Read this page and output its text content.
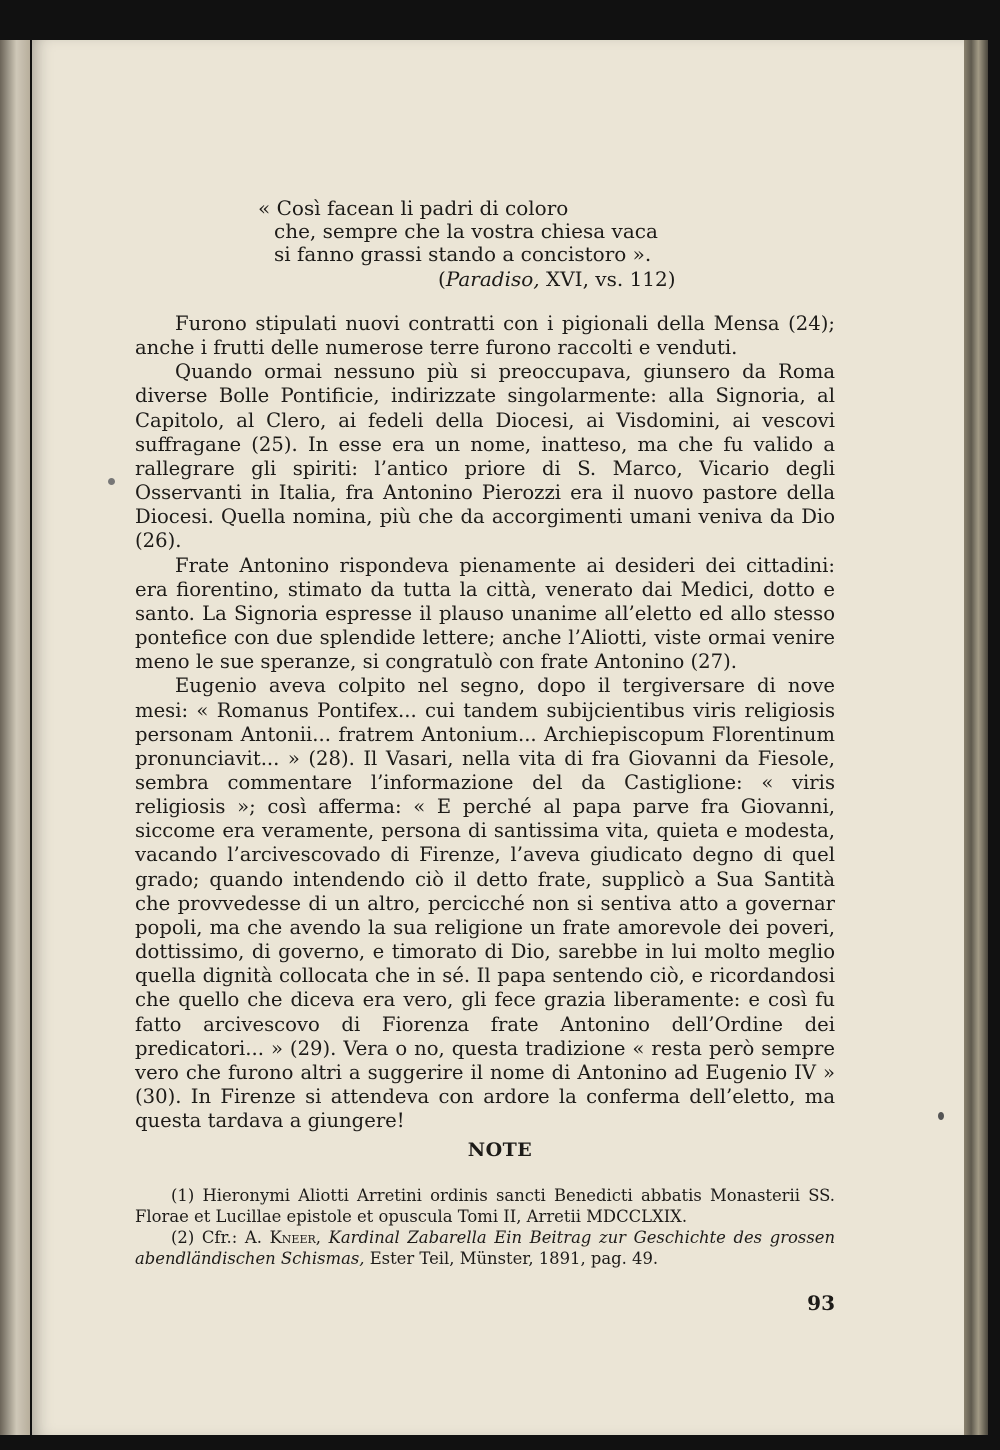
« Così facean li padri di coloro
che, sempre che la vostra chiesa vaca
si fanno grassi stando a concistoro ».
(Paradiso, XVI, vs. 112)

Furono stipulati nuovi contratti con i pigionali della Mensa (24); anche i frutti delle numerose terre furono raccolti e venduti.

Quando ormai nessuno più si preoccupava, giunsero da Roma diverse Bolle Pontificie, indirizzate singolarmente: alla Signoria, al Capitolo, al Clero, ai fedeli della Diocesi, ai Visdomini, ai vescovi suffragane (25). In esse era un nome, inatteso, ma che fu valido a rallegrare gli spiriti: l’antico priore di S. Marco, Vicario degli Osservanti in Italia, fra Antonino Pierozzi era il nuovo pastore della Diocesi. Quella nomina, più che da accorgimenti umani veniva da Dio (26).

Frate Antonino rispondeva pienamente ai desideri dei cittadini: era fiorentino, stimato da tutta la città, venerato dai Medici, dotto e santo. La Signoria espresse il plauso unanime all’eletto ed allo stesso pontefice con due splendide lettere; anche l’Aliotti, viste ormai venire meno le sue speranze, si congratulò con frate Antonino (27).

Eugenio aveva colpito nel segno, dopo il tergiversare di nove mesi: « Romanus Pontifex... cui tandem subijcientibus viris religiosis personam Antonii... fratrem Antonium... Archiepiscopum Florentinum pronunciavit... » (28). Il Vasari, nella vita di fra Giovanni da Fiesole, sembra commentare l’informazione del da Castiglione: « viris religiosis »; così afferma: « E perché al papa parve fra Giovanni, siccome era veramente, persona di santissima vita, quieta e modesta, vacando l’arcivescovado di Firenze, l’aveva giudicato degno di quel grado; quando intendendo ciò il detto frate, supplicò a Sua Santità che provvedesse di un altro, percicché non si sentiva atto a governar popoli, ma che avendo la sua religione un frate amorevole dei poveri, dottissimo, di governo, e timorato di Dio, sarebbe in lui molto meglio quella dignità collocata che in sé. Il papa sentendo ciò, e ricordandosi che quello che diceva era vero, gli fece grazia liberamente: e così fu fatto arcivescovo di Fiorenza frate Antonino dell’Ordine dei predicatori... » (29). Vera o no, questa tradizione « resta però sempre vero che furono altri a suggerire il nome di Antonino ad Eugenio IV » (30). In Firenze si attendeva con ardore la conferma dell’eletto, ma questa tardava a giungere!

NOTE

(1) Hieronymi Aliotti Arretini ordinis sancti Benedicti abbatis Monasterii SS. Florae et Lucillae epistole et opuscula Tomi II, Arretii MDCCLXIX.

(2) Cfr.: A. Kneer, Kardinal Zabarella Ein Beitrag zur Geschichte des grossen abendländischen Schismas, Ester Teil, Münster, 1891, pag. 49.

93
